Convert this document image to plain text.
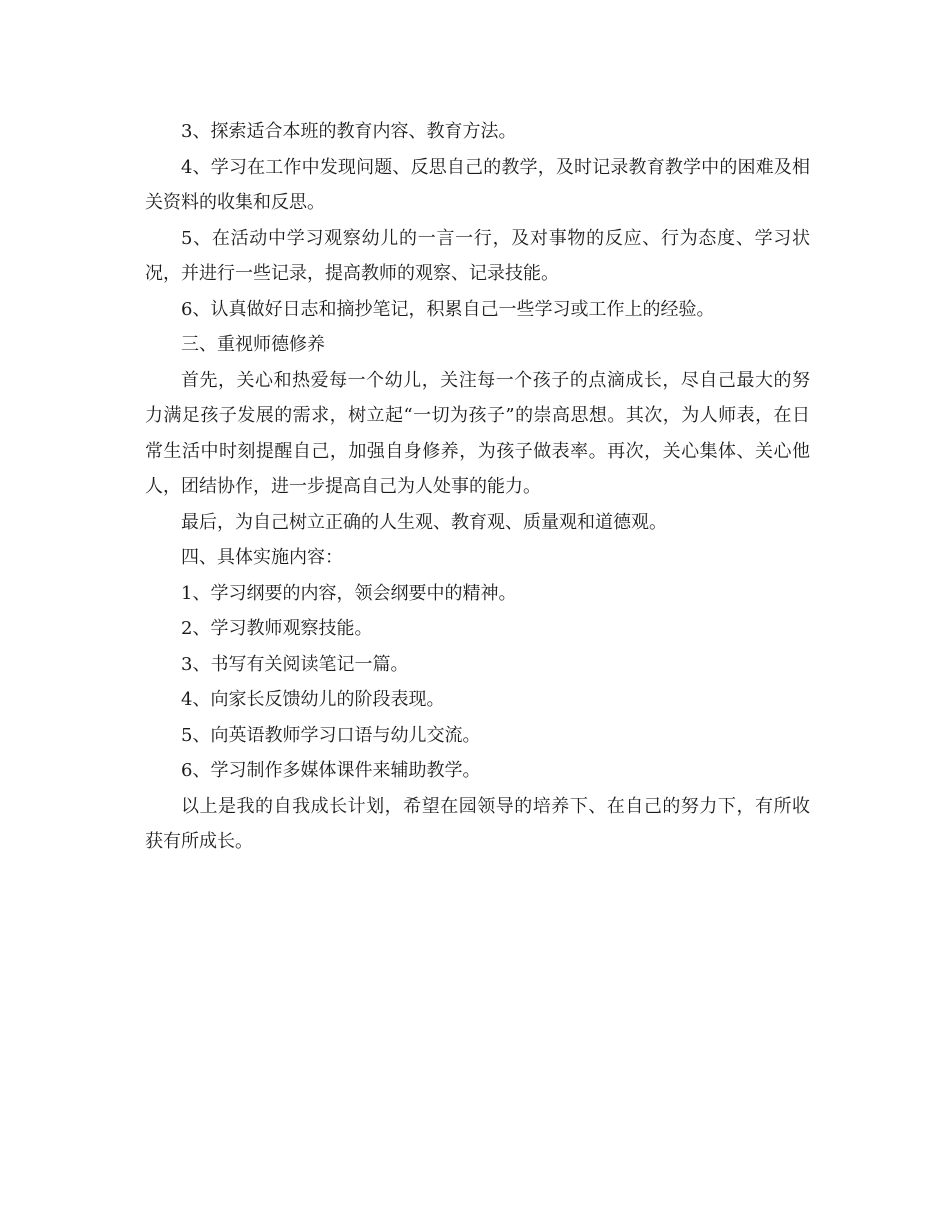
3、探索适合本班的教育内容、教育方法。

4、学习在工作中发现问题、反思自己的教学，及时记录教育教学中的困难及相关资料的收集和反思。

5、在活动中学习观察幼儿的一言一行，及对事物的反应、行为态度、学习状况，并进行一些记录，提高教师的观察、记录技能。

6、认真做好日志和摘抄笔记，积累自己一些学习或工作上的经验。

三、重视师德修养

首先，关心和热爱每一个幼儿，关注每一个孩子的点滴成长，尽自己最大的努力满足孩子发展的需求，树立起“一切为孩子”的崇高思想。其次，为人师表，在日常生活中时刻提醒自己，加强自身修养，为孩子做表率。再次，关心集体、关心他人，团结协作，进一步提高自己为人处事的能力。

最后，为自己树立正确的人生观、教育观、质量观和道德观。

四、具体实施内容：

1、学习纲要的内容，领会纲要中的精神。

2、学习教师观察技能。

3、书写有关阅读笔记一篇。

4、向家长反馈幼儿的阶段表现。

5、向英语教师学习口语与幼儿交流。

6、学习制作多媒体课件来辅助教学。

以上是我的自我成长计划，希望在园领导的培养下、在自己的努力下，有所收获有所成长。
